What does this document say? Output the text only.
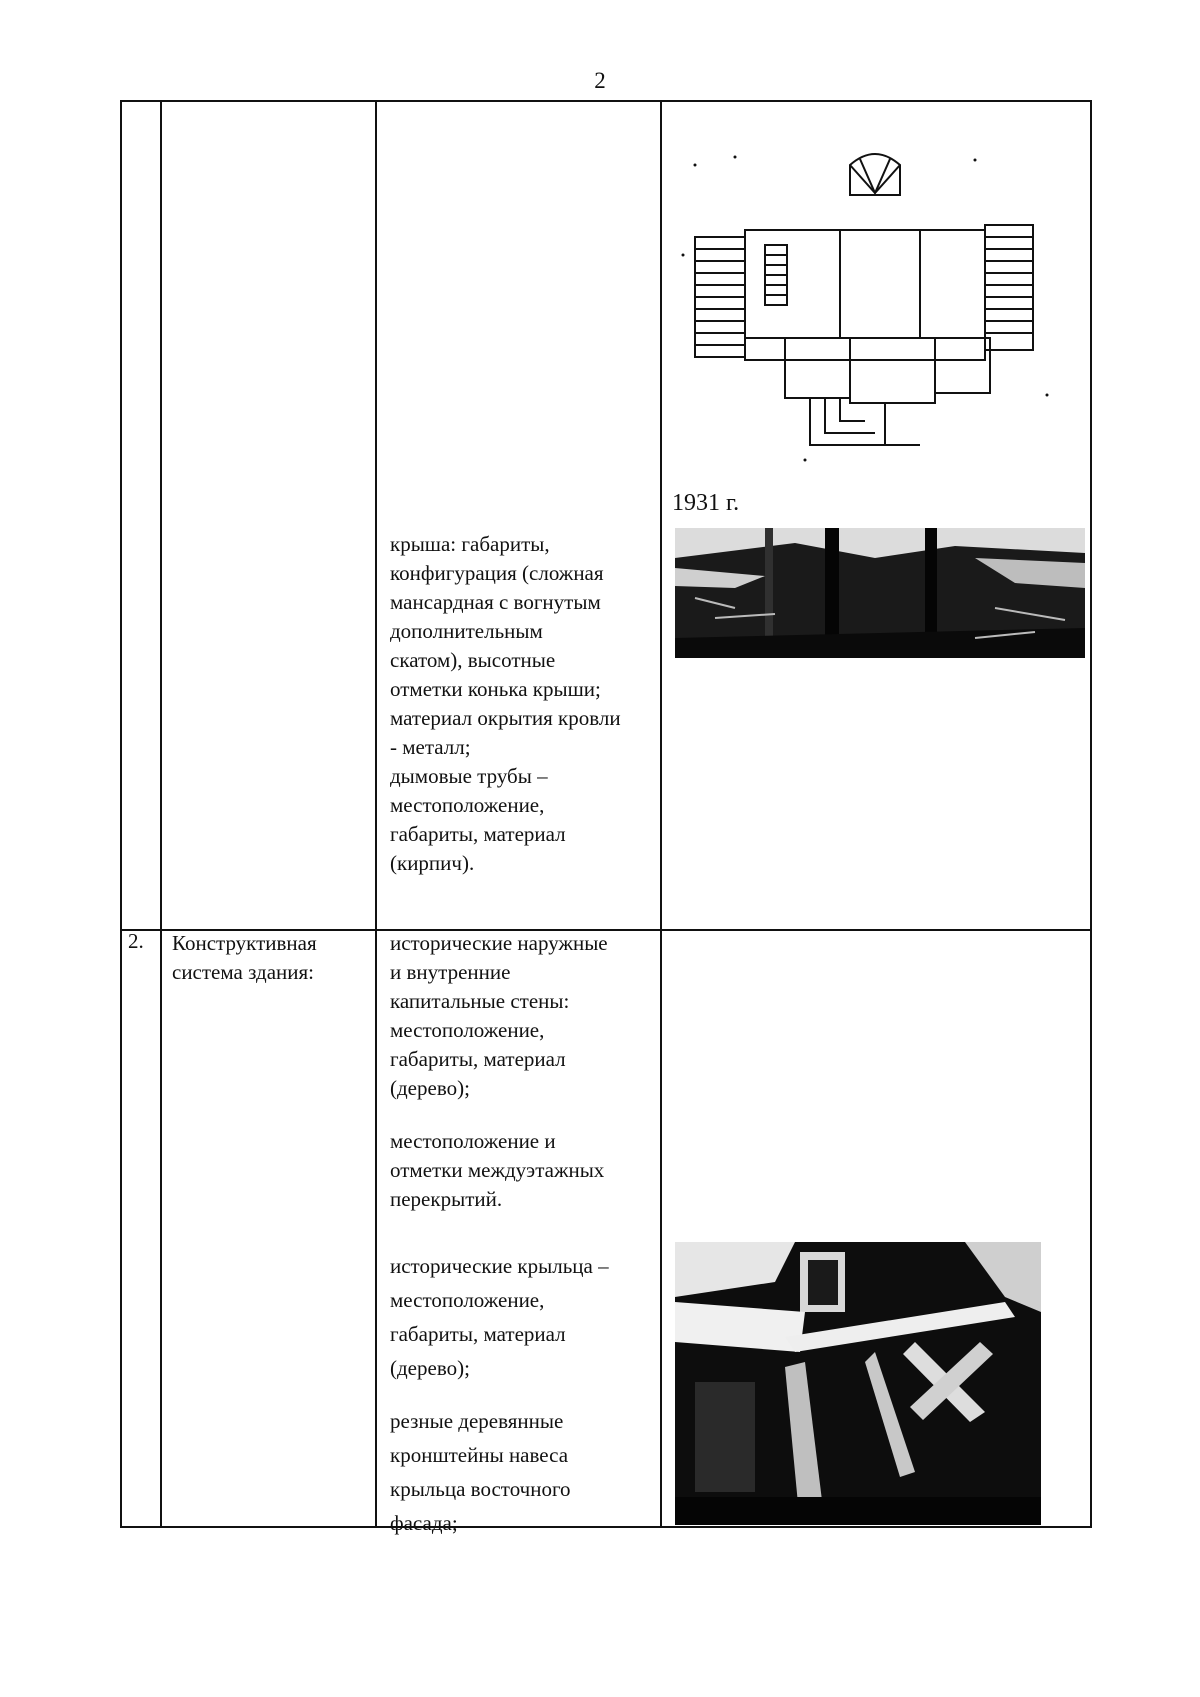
2
1931 г.
крыша: габариты,
конфигурация (сложная
мансардная с вогнутым
дополнительным
скатом), высотные
отметки конька крыши;
материал окрытия кровли
- металл;
дымовые трубы –
местоположение,
габариты, материал
(кирпич).
2. Конструктивная
система здания:
исторические наружные
и внутренние
капитальные стены:
местоположение,
габариты, материал
(дерево);
местоположение и
отметки междуэтажных
перекрытий.
исторические крыльца –
местоположение,
габариты, материал
(дерево);
резные деревянные
кронштейны навеса
крыльца восточного
фасада;
